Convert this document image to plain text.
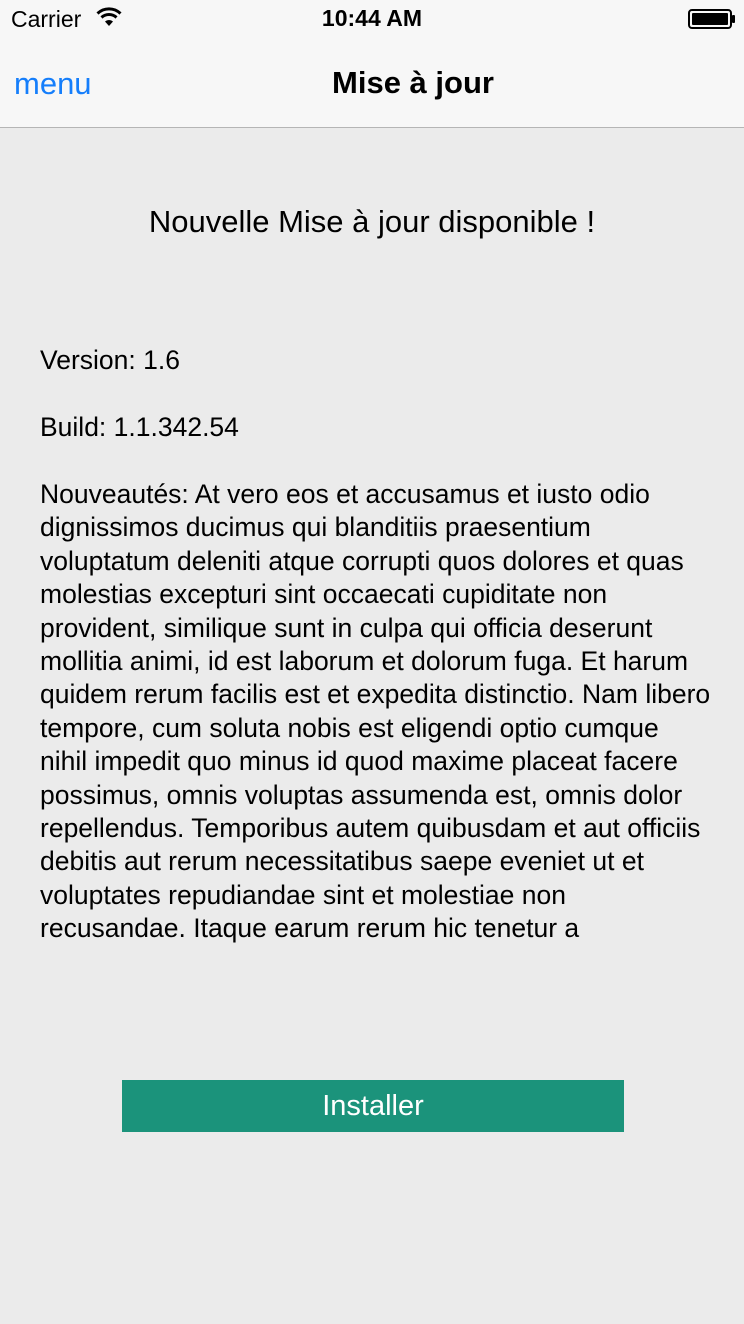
Carrier	10:44 AM
menu	Mise à jour
Nouvelle Mise à jour disponible !
Version: 1.6
Build: 1.1.342.54
Nouveautés: At vero eos et accusamus et iusto odio dignissimos ducimus qui blanditiis praesentium voluptatum deleniti atque corrupti quos dolores et quas molestias excepturi sint occaecati cupiditate non provident, similique sunt in culpa qui officia deserunt mollitia animi, id est laborum et dolorum fuga. Et harum quidem rerum facilis est et expedita distinctio. Nam libero tempore, cum soluta nobis est eligendi optio cumque nihil impedit quo minus id quod maxime placeat facere possimus, omnis voluptas assumenda est, omnis dolor repellendus. Temporibus autem quibusdam et aut officiis debitis aut rerum necessitatibus saepe eveniet ut et voluptates repudiandae sint et molestiae non recusandae. Itaque earum rerum hic tenetur a
Installer
